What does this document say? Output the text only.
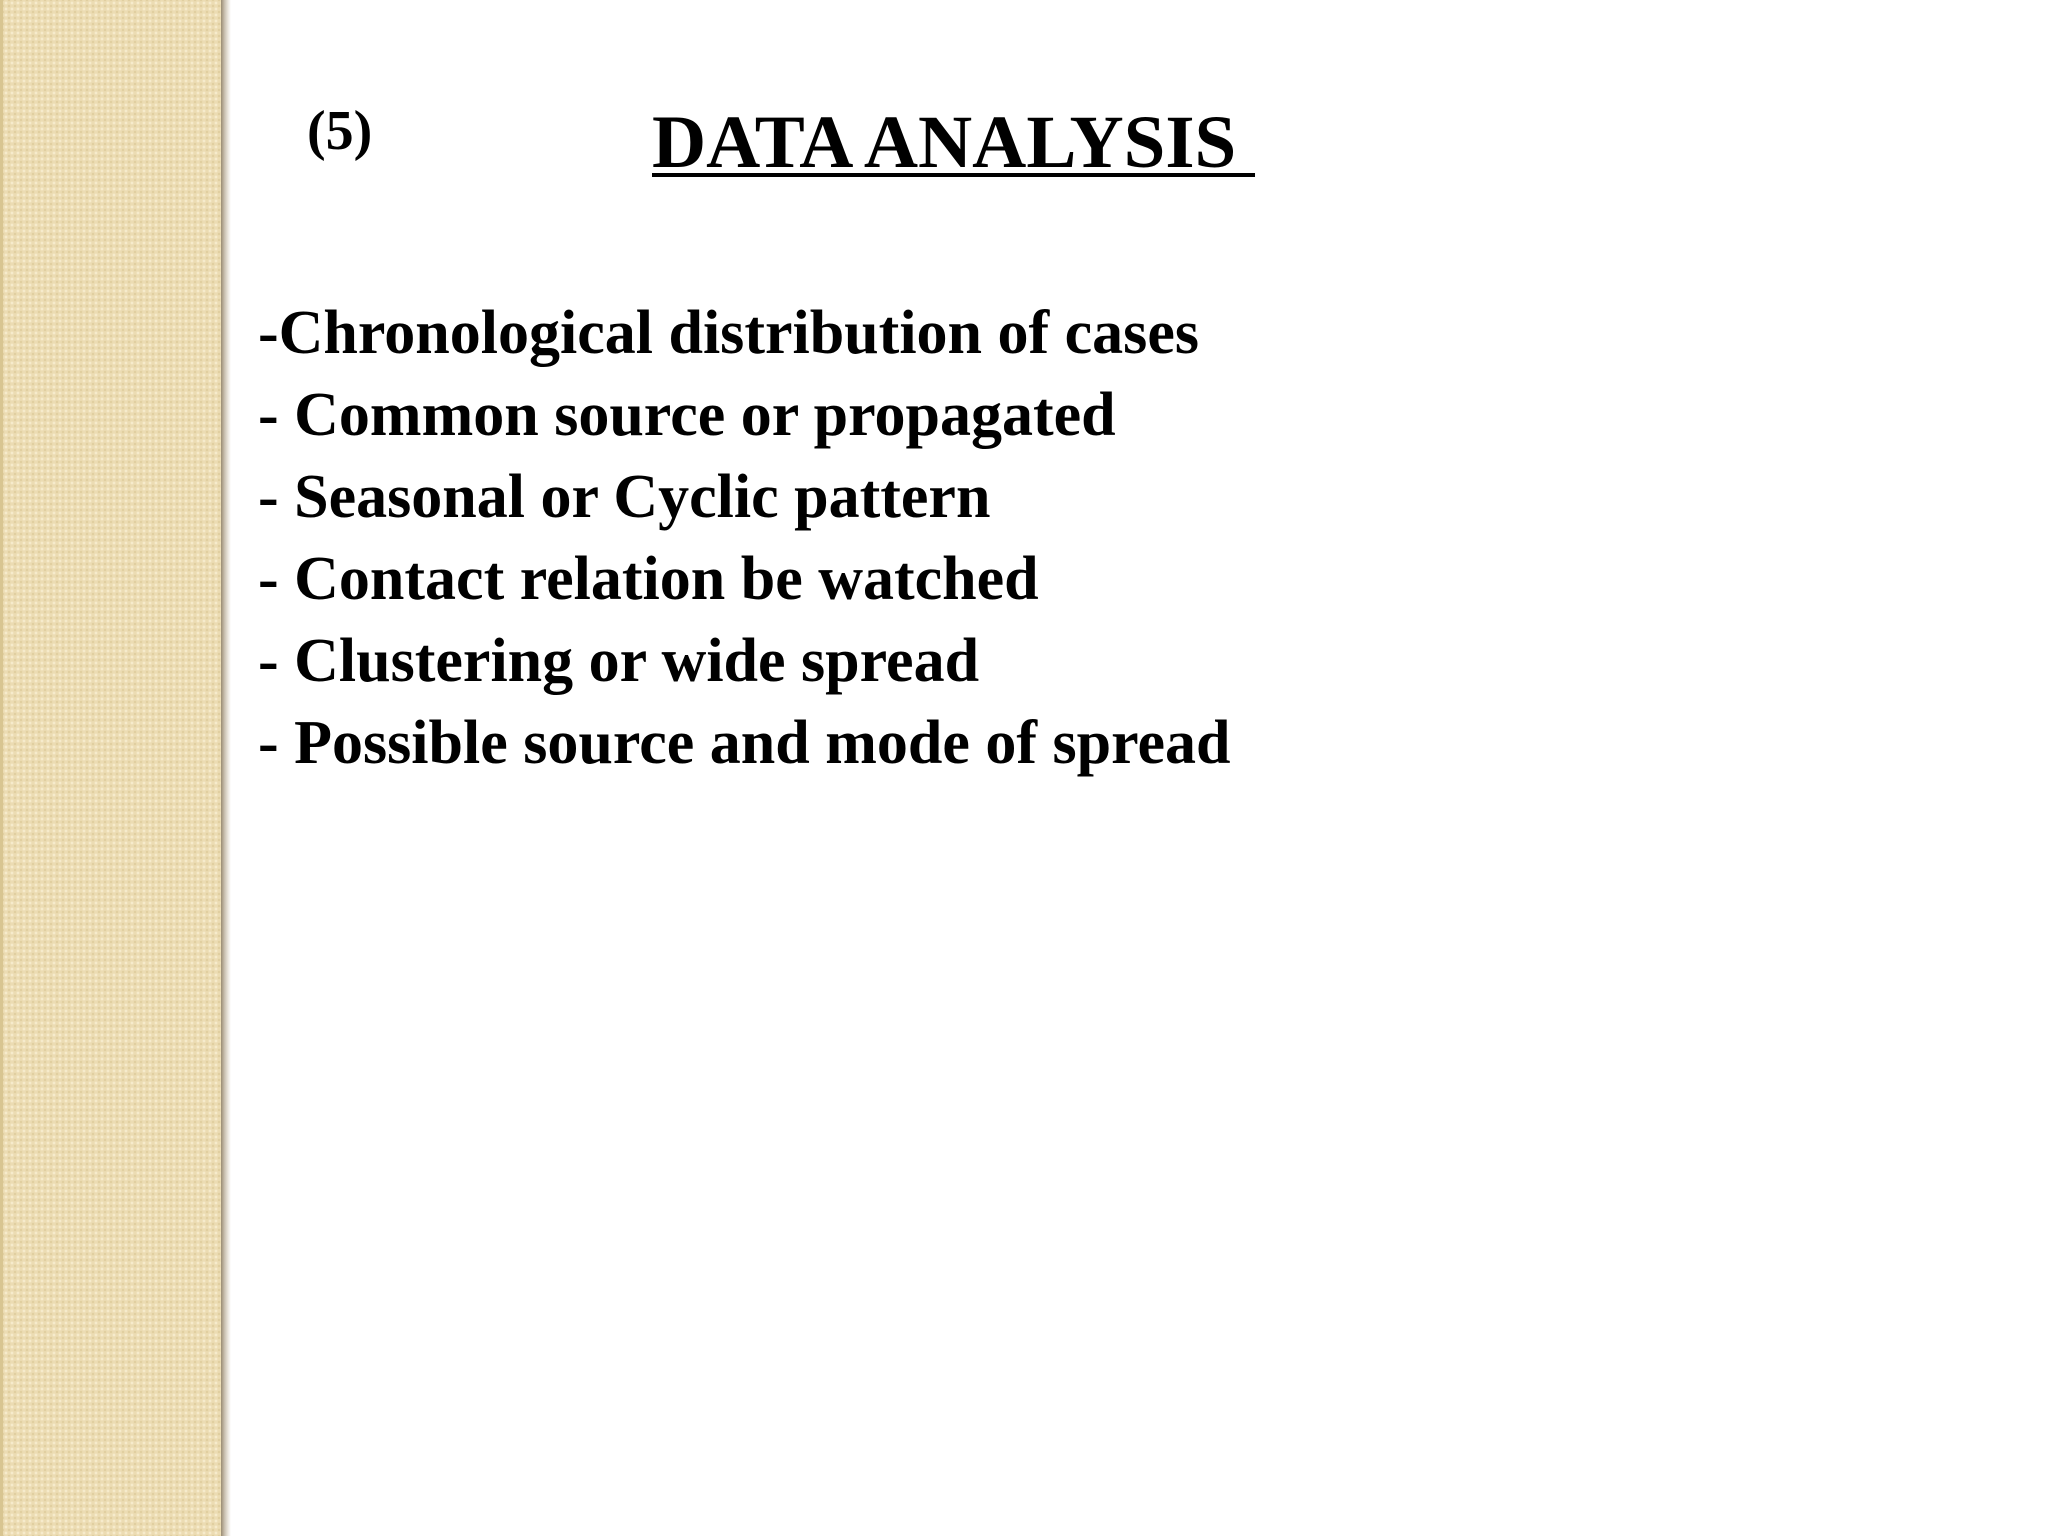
(5)	DATA ANALYSIS
-Chronological distribution of cases
- Common source or propagated
- Seasonal or Cyclic pattern
- Contact relation be watched
- Clustering or wide spread
- Possible source and mode of spread
